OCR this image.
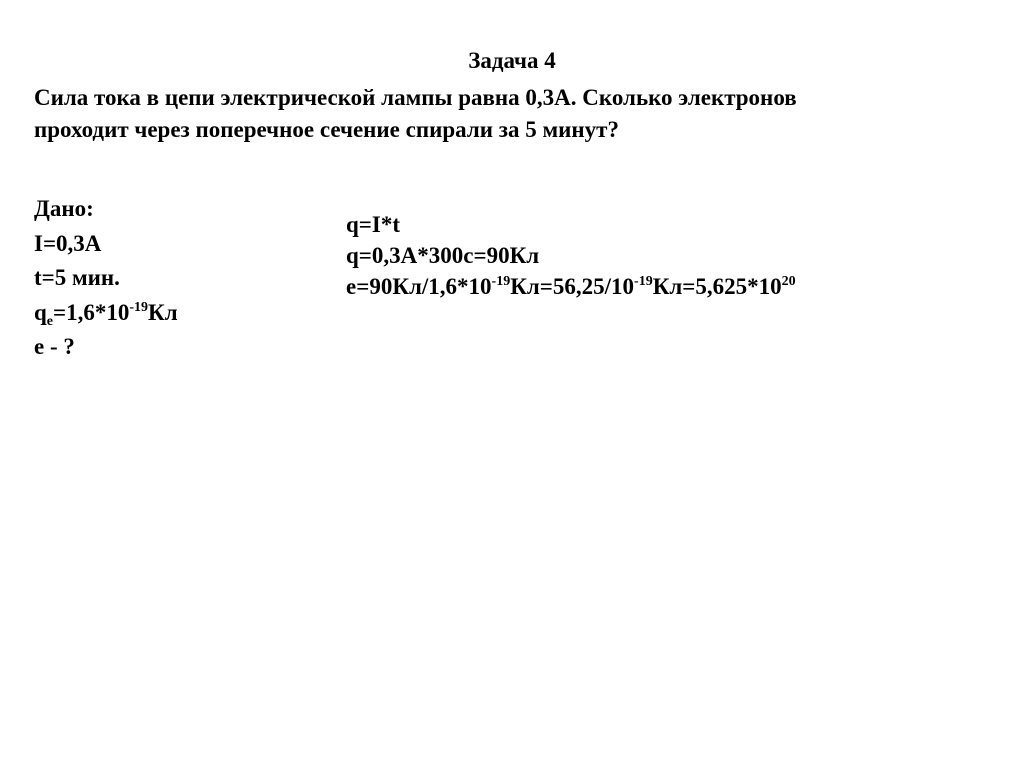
Задача 4
Сила тока в цепи электрической лампы равна 0,3А. Сколько электронов
проходит через поперечное сечение спирали за 5 минут?
Дано:
I=0,3А
t=5 мин.
$q_e=1,6*10^{-19}Кл$
е - ?
q=I*t
q=0,3А*300с=90Кл
$е=90Кл/1,6*10^{-19}Кл=56,25/10^{-19}Кл=5,625*10^{20}$
